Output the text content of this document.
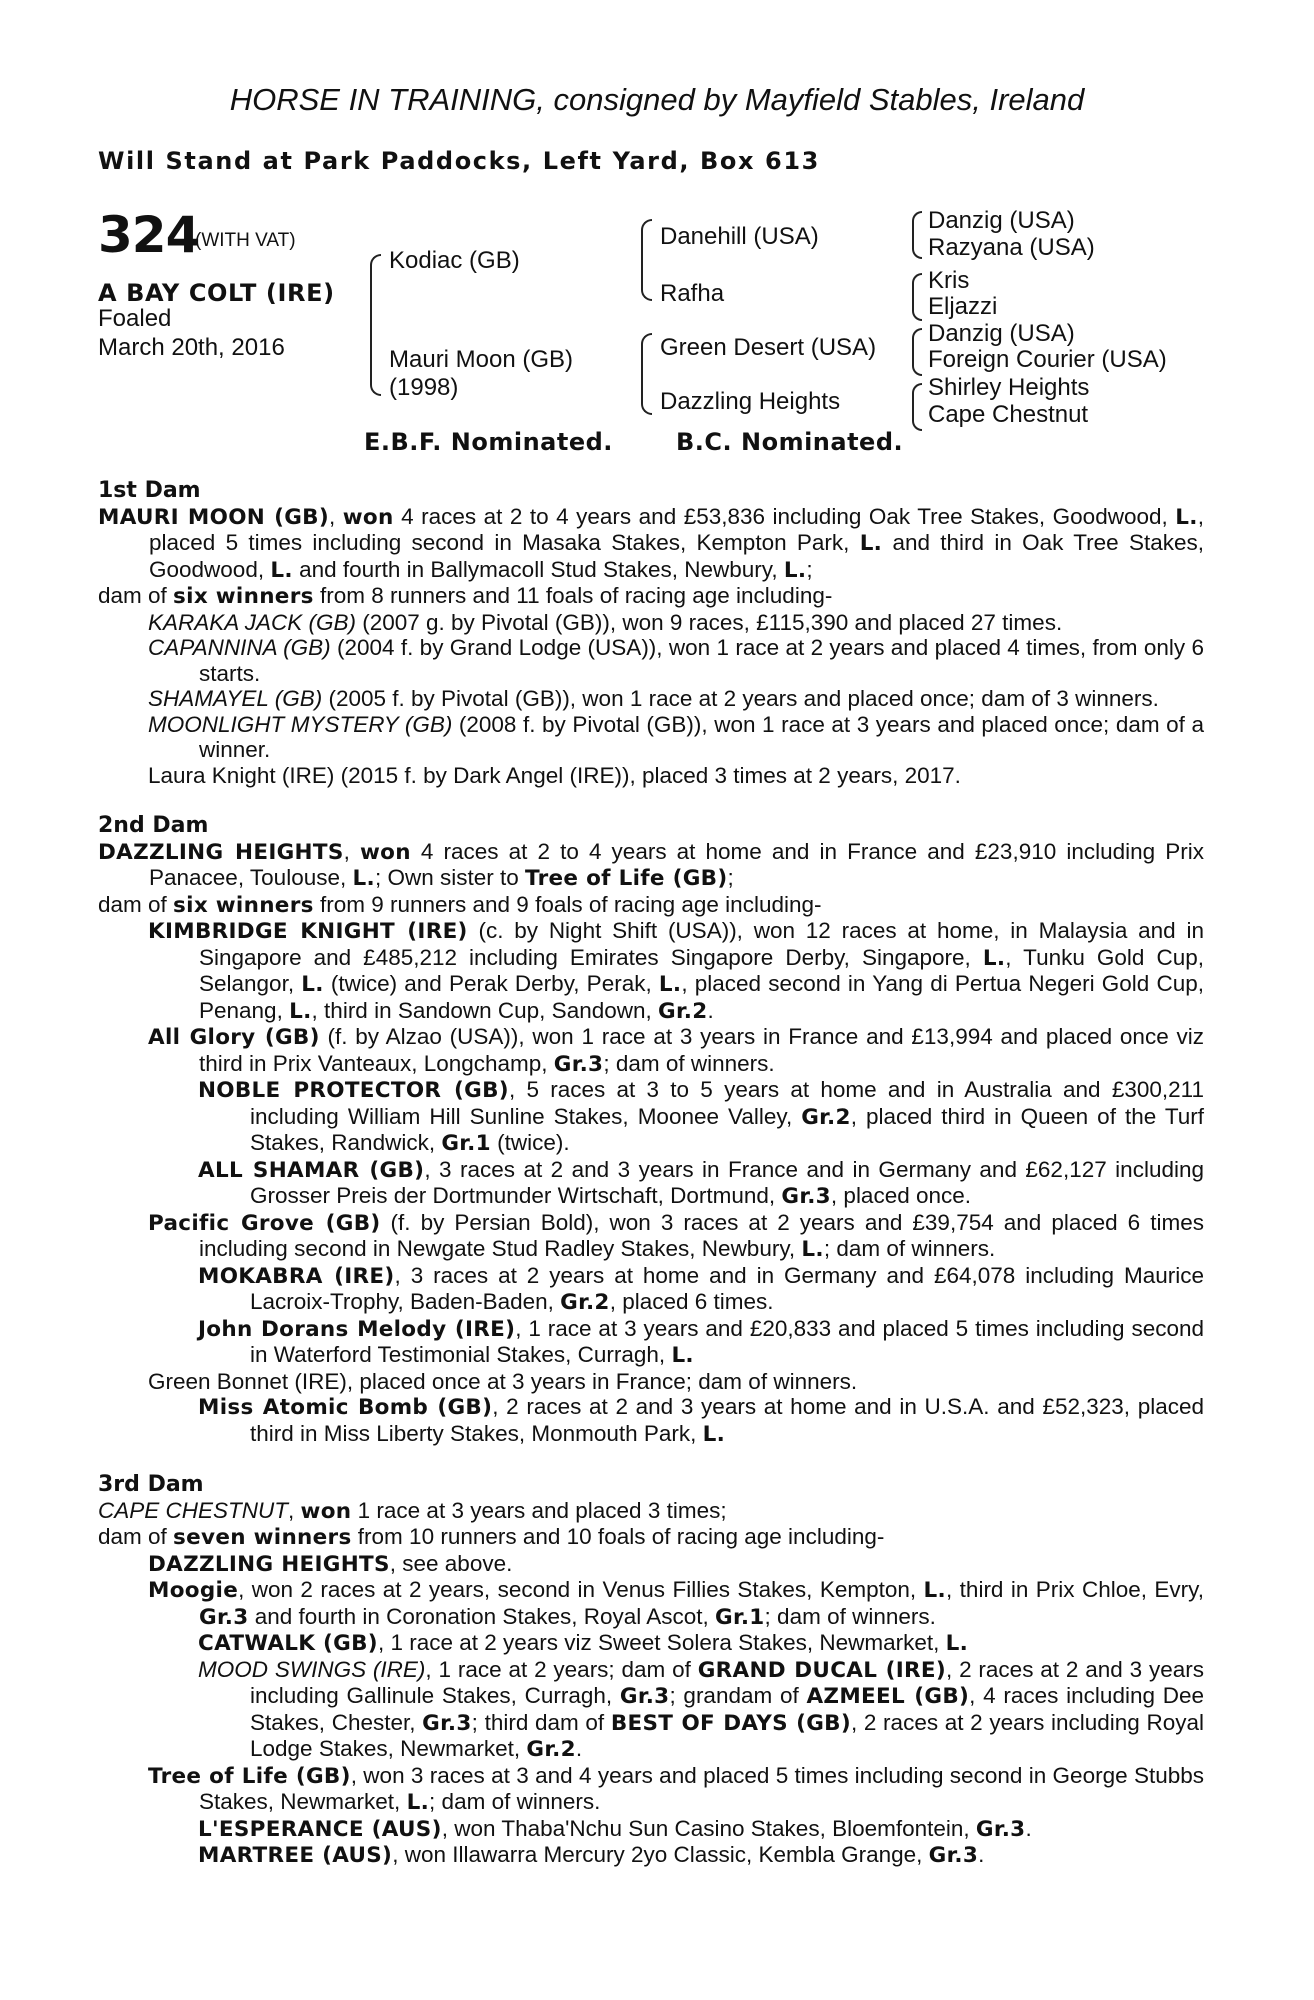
HORSE IN TRAINING, consigned by Mayfield Stables, Ireland
Will Stand at Park Paddocks, Left Yard, Box 613
324
(WITH VAT)
A BAY COLT (IRE)
Foaled
March 20th, 2016
Kodiac (GB)
Mauri Moon (GB)
(1998)
Danehill (USA)
Rafha
Green Desert (USA)
Dazzling Heights
Danzig (USA)
Razyana (USA)
Kris
Eljazzi
Danzig (USA)
Foreign Courier (USA)
Shirley Heights
Cape Chestnut
E.B.F. Nominated.	B.C. Nominated.

1st Dam

MAURI MOON (GB), won 4 races at 2 to 4 years and £53,836 including Oak Tree Stakes, Goodwood, L., placed 5 times including second in Masaka Stakes, Kempton Park, L. and third in Oak Tree Stakes, Goodwood, L. and fourth in Ballymacoll Stud Stakes, Newbury, L.;

dam of six winners from 8 runners and 11 foals of racing age including-

KARAKA JACK (GB) (2007 g. by Pivotal (GB)), won 9 races, £115,390 and placed 27 times.

CAPANNINA (GB) (2004 f. by Grand Lodge (USA)), won 1 race at 2 years and placed 4 times, from only 6 starts.

SHAMAYEL (GB) (2005 f. by Pivotal (GB)), won 1 race at 2 years and placed once; dam of 3 winners.

MOONLIGHT MYSTERY (GB) (2008 f. by Pivotal (GB)), won 1 race at 3 years and placed once; dam of a winner.

Laura Knight (IRE) (2015 f. by Dark Angel (IRE)), placed 3 times at 2 years, 2017.

2nd Dam

DAZZLING HEIGHTS, won 4 races at 2 to 4 years at home and in France and £23,910 including Prix Panacee, Toulouse, L.; Own sister to Tree of Life (GB);

dam of six winners from 9 runners and 9 foals of racing age including-

KIMBRIDGE KNIGHT (IRE) (c. by Night Shift (USA)), won 12 races at home, in Malaysia and in Singapore and £485,212 including Emirates Singapore Derby, Singapore, L., Tunku Gold Cup, Selangor, L. (twice) and Perak Derby, Perak, L., placed second in Yang di Pertua Negeri Gold Cup, Penang, L., third in Sandown Cup, Sandown, Gr.2.

All Glory (GB) (f. by Alzao (USA)), won 1 race at 3 years in France and £13,994 and placed once viz third in Prix Vanteaux, Longchamp, Gr.3; dam of winners.

NOBLE PROTECTOR (GB), 5 races at 3 to 5 years at home and in Australia and £300,211 including William Hill Sunline Stakes, Moonee Valley, Gr.2, placed third in Queen of the Turf Stakes, Randwick, Gr.1 (twice).

ALL SHAMAR (GB), 3 races at 2 and 3 years in France and in Germany and £62,127 including Grosser Preis der Dortmunder Wirtschaft, Dortmund, Gr.3, placed once.

Pacific Grove (GB) (f. by Persian Bold), won 3 races at 2 years and £39,754 and placed 6 times including second in Newgate Stud Radley Stakes, Newbury, L.; dam of winners.

MOKABRA (IRE), 3 races at 2 years at home and in Germany and £64,078 including Maurice Lacroix-Trophy, Baden-Baden, Gr.2, placed 6 times.

John Dorans Melody (IRE), 1 race at 3 years and £20,833 and placed 5 times including second in Waterford Testimonial Stakes, Curragh, L.

Green Bonnet (IRE), placed once at 3 years in France; dam of winners.

Miss Atomic Bomb (GB), 2 races at 2 and 3 years at home and in U.S.A. and £52,323, placed third in Miss Liberty Stakes, Monmouth Park, L.

3rd Dam

CAPE CHESTNUT, won 1 race at 3 years and placed 3 times;

dam of seven winners from 10 runners and 10 foals of racing age including-

DAZZLING HEIGHTS, see above.

Moogie, won 2 races at 2 years, second in Venus Fillies Stakes, Kempton, L., third in Prix Chloe, Evry, Gr.3 and fourth in Coronation Stakes, Royal Ascot, Gr.1; dam of winners.

CATWALK (GB), 1 race at 2 years viz Sweet Solera Stakes, Newmarket, L.

MOOD SWINGS (IRE), 1 race at 2 years; dam of GRAND DUCAL (IRE), 2 races at 2 and 3 years including Gallinule Stakes, Curragh, Gr.3; grandam of AZMEEL (GB), 4 races including Dee Stakes, Chester, Gr.3; third dam of BEST OF DAYS (GB), 2 races at 2 years including Royal Lodge Stakes, Newmarket, Gr.2.

Tree of Life (GB), won 3 races at 3 and 4 years and placed 5 times including second in George Stubbs Stakes, Newmarket, L.; dam of winners.

L'ESPERANCE (AUS), won Thaba'Nchu Sun Casino Stakes, Bloemfontein, Gr.3.

MARTREE (AUS), won Illawarra Mercury 2yo Classic, Kembla Grange, Gr.3.
